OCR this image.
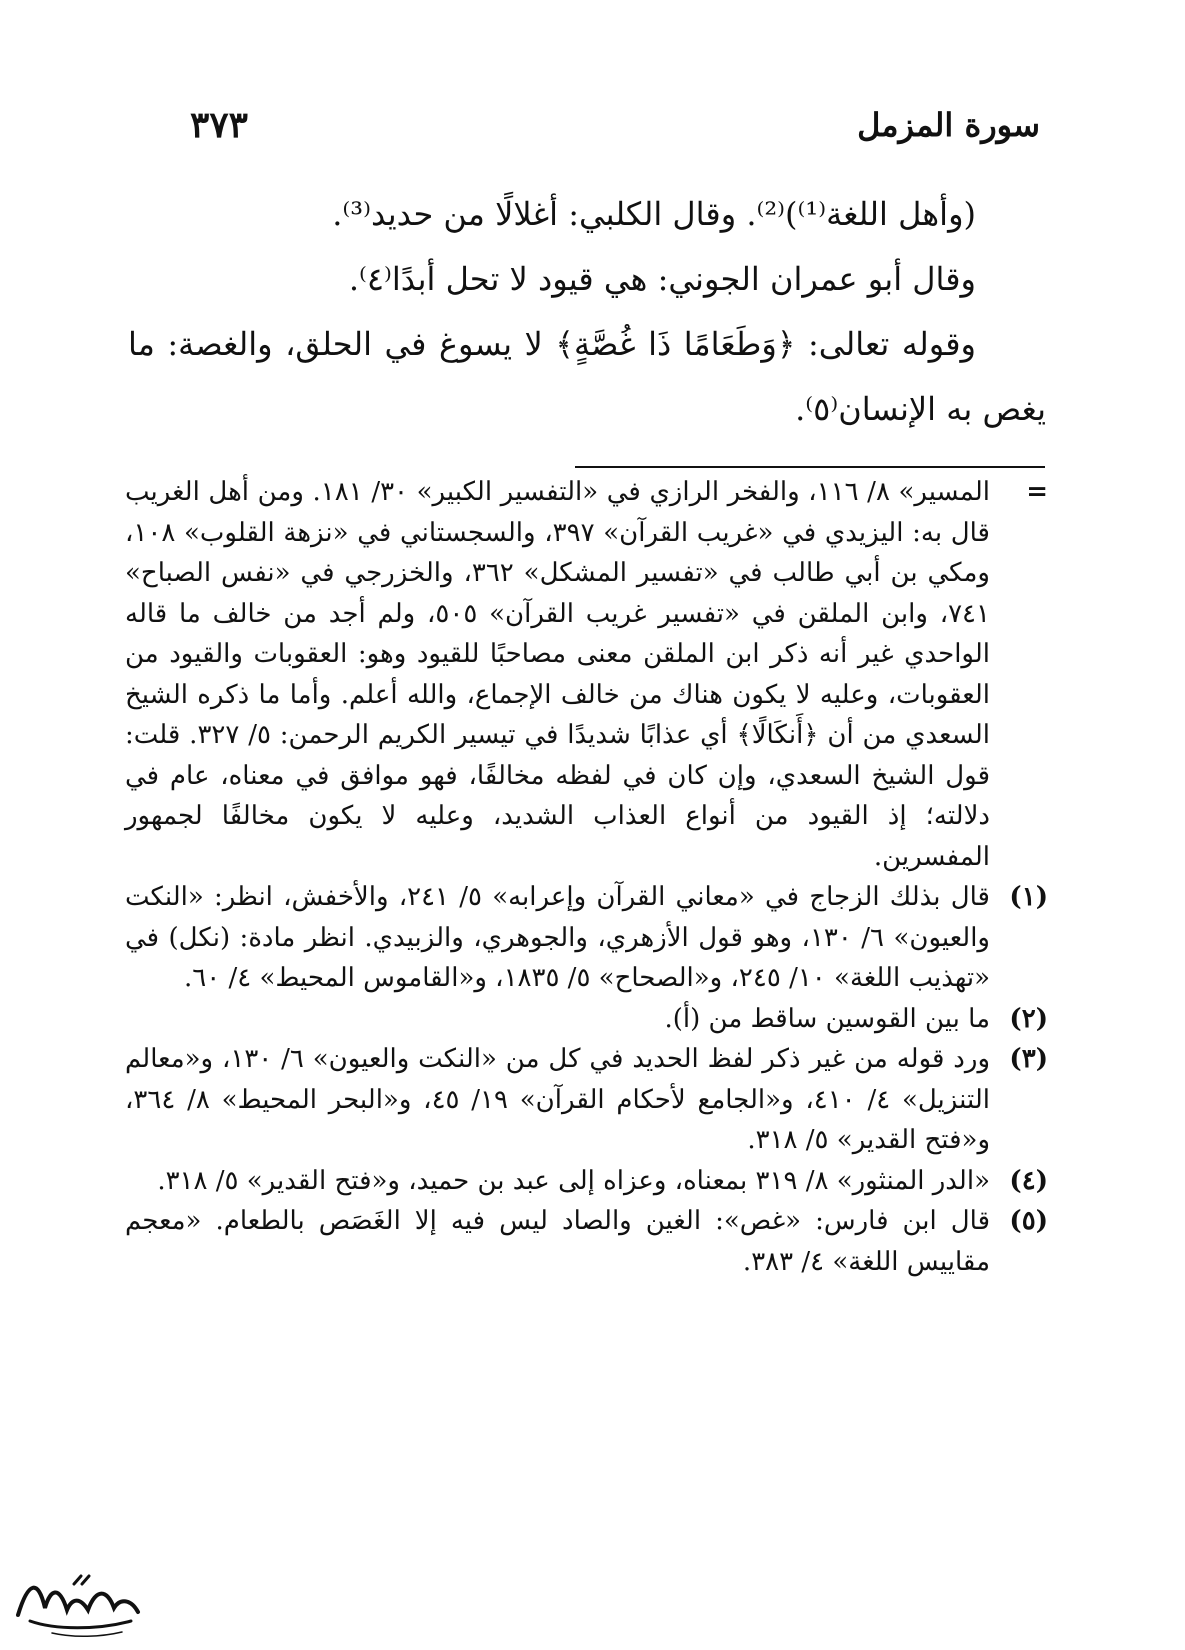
سورة المزمل
٣٧٣

(وأهل اللغة⁽¹⁾)⁽²⁾. وقال الكلبي: أغلالًا من حديد⁽³⁾.

وقال أبو عمران الجوني: هي قيود لا تحل أبدًا⁽٤⁾.

وقوله تعالى: ﴿وَطَعَامًا ذَا غُصَّةٍ﴾ لا يسوغ في الحلق، والغصة: ما يغص به الإنسان⁽٥⁾.

=
المسير» ٨/ ١١٦، والفخر الرازي في «التفسير الكبير» ٣٠/ ١٨١. ومن أهل الغريب قال به: اليزيدي في «غريب القرآن» ٣٩٧، والسجستاني في «نزهة القلوب» ١٠٨، ومكي بن أبي طالب في «تفسير المشكل» ٣٦٢، والخزرجي في «نفس الصباح» ٧٤١، وابن الملقن في «تفسير غريب القرآن» ٥٠٥، ولم أجد من خالف ما قاله الواحدي غير أنه ذكر ابن الملقن معنى مصاحبًا للقيود وهو: العقوبات والقيود من العقوبات، وعليه لا يكون هناك من خالف الإجماع، والله أعلم. وأما ما ذكره الشيخ السعدي من أن ﴿أَنكَالًا﴾ أي عذابًا شديدًا في تيسير الكريم الرحمن: ٥/ ٣٢٧. قلت: قول الشيخ السعدي، وإن كان في لفظه مخالفًا، فهو موافق في معناه، عام في دلالته؛ إذ القيود من أنواع العذاب الشديد، وعليه لا يكون مخالفًا لجمهور المفسرين.
(١)
قال بذلك الزجاج في «معاني القرآن وإعرابه» ٥/ ٢٤١، والأخفش، انظر: «النكت والعيون» ٦/ ١٣٠، وهو قول الأزهري، والجوهري، والزبيدي. انظر مادة: (نكل) في «تهذيب اللغة» ١٠/ ٢٤٥، و«الصحاح» ٥/ ١٨٣٥، و«القاموس المحيط» ٤/ ٦٠.
(٢)
ما بين القوسين ساقط من (أ).
(٣)
ورد قوله من غير ذكر لفظ الحديد في كل من «النكت والعيون» ٦/ ١٣٠، و«معالم التنزيل» ٤/ ٤١٠، و«الجامع لأحكام القرآن» ١٩/ ٤٥، و«البحر المحيط» ٨/ ٣٦٤، و«فتح القدير» ٥/ ٣١٨.
(٤)
«الدر المنثور» ٨/ ٣١٩ بمعناه، وعزاه إلى عبد بن حميد، و«فتح القدير» ٥/ ٣١٨.
(٥)
قال ابن فارس: «غص»: الغين والصاد ليس فيه إلا الغَصَص بالطعام. «معجم مقاييس اللغة» ٤/ ٣٨٣.
